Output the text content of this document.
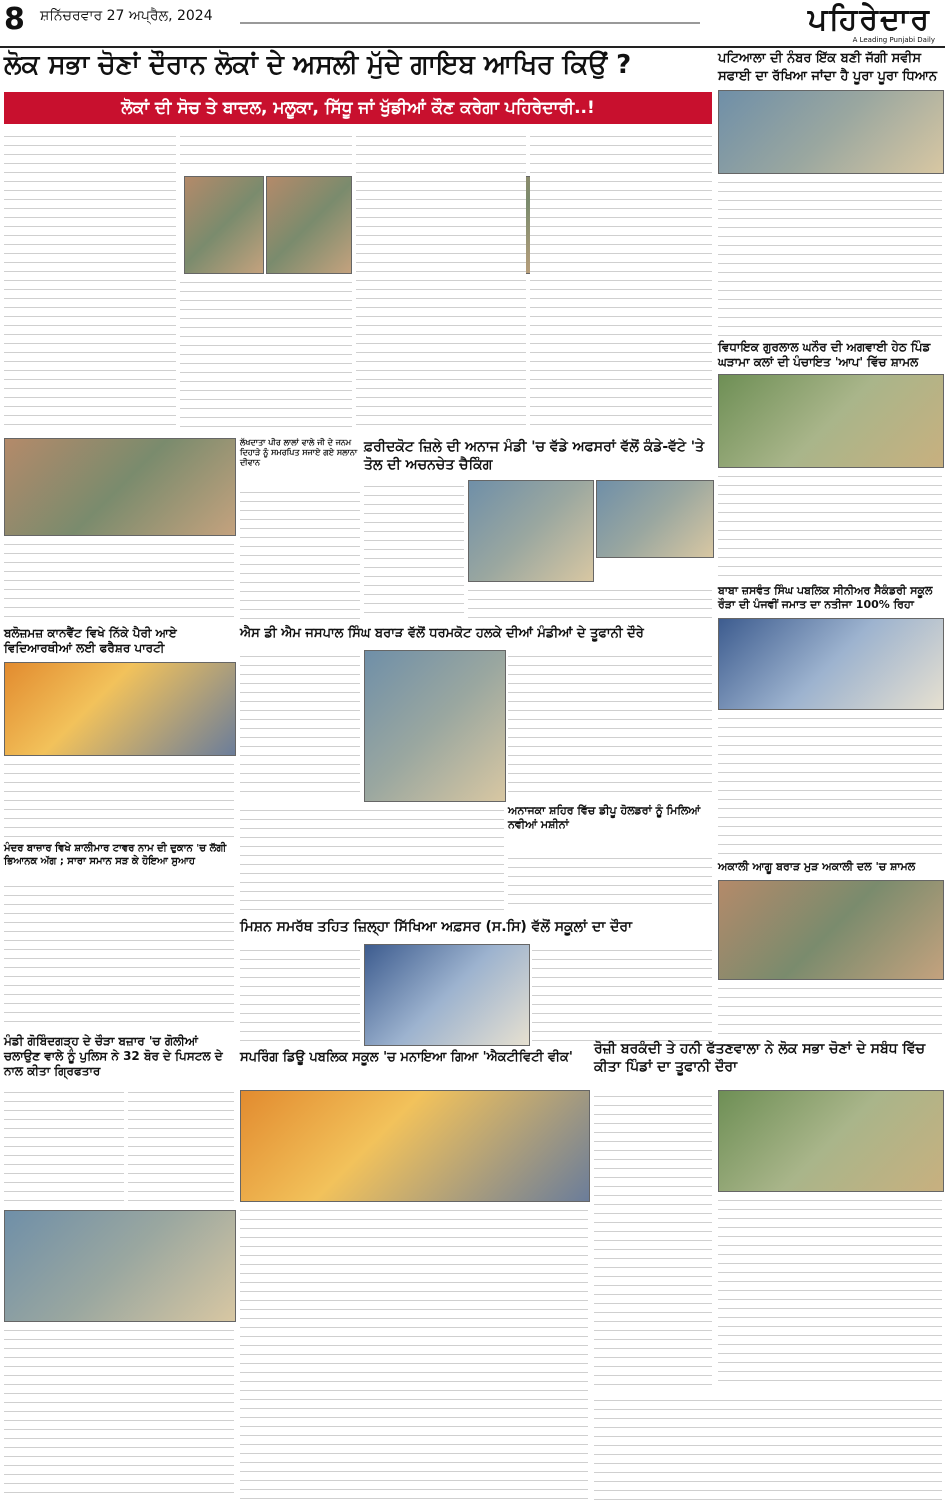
8 ਸ਼ਨਿੱਚਰਵਾਰ 27 ਅਪ੍ਰੈਲ, 2024	ਪਹਿਰੇਦਾਰ
A Leading Punjabi Daily
ਲੋਕ ਸਭਾ ਚੋਣਾਂ ਦੌਰਾਨ ਲੋਕਾਂ ਦੇ ਅਸਲੀ ਮੁੱਦੇ ਗਾਇਬ ਆਖਿਰ ਕਿਉਂ ?
ਲੋਕਾਂ ਦੀ ਸੋਚ ਤੇ ਬਾਦਲ, ਮਲੂਕਾ, ਸਿੱਧੂ ਜਾਂ ਖੁੱਡੀਆਂ ਕੌਣ ਕਰੇਗਾ ਪਹਿਰੇਦਾਰੀ..!
ਪਟਿਆਲਾ ਦੀ ਨੰਬਰ ਇੱਕ ਬਣੀ ਜੱਗੀ ਸਵੀਸ ਸਫਾਈ ਦਾ ਰੱਖਿਆ ਜਾਂਦਾ ਹੈ ਪੂਰਾ ਪੂਰਾ ਧਿਆਨ
ਵਿਧਾਇਕ ਗੁਰਲਾਲ ਘਨੌਰ ਦੀ ਅਗਵਾਈ ਹੇਠ ਪਿੰਡ ਘੜਾਮਾ ਕਲਾਂ ਦੀ ਪੰਚਾਇਤ 'ਆਪ' ਵਿੱਚ ਸ਼ਾਮਲ
ਬਾਬਾ ਜ਼ਸਵੰਤ ਸਿੰਘ ਪਬਲਿਕ ਸੀਨੀਅਰ ਸੈਕੰਡਰੀ ਸਕੂਲ ਰੌੜਾ ਦੀ ਪੰਜਵੀਂ ਜਮਾਤ ਦਾ ਨਤੀਜਾ 100% ਰਿਹਾ
ਅਕਾਲੀ ਆਗੂ ਬਰਾੜ ਮੁੜ ਅਕਾਲੀ ਦਲ 'ਚ ਸ਼ਾਮਲ
ਲੱਖਦਾਤਾ ਪੀਰ ਲਾਲਾਂ ਵਾਲੇ ਜੀ ਦੇ ਜਨਮ ਦਿਹਾੜੇ ਨੂੰ ਸਮਰਪਿਤ ਸਜਾਏ ਗਏ ਸਲਾਨਾ ਦੀਵਾਨ
ਫ਼ਰੀਦਕੋਟ ਜ਼ਿਲੇ ਦੀ ਅਨਾਜ ਮੰਡੀ 'ਚ ਵੱਡੇ ਅਫਸਰਾਂ ਵੱਲੋਂ ਕੰਡੇ-ਵੱਟੇ 'ਤੇ ਤੋਲ ਦੀ ਅਚਨਚੇਤ ਚੈਕਿੰਗ
ਬਲੋਜ਼ਮਜ਼ ਕਾਨਵੈਂਟ ਵਿਖੇ ਨਿੱਕੇ ਪੈਰੀ ਆਏ ਵਿਦਿਆਰਥੀਆਂ ਲਈ ਫਰੈਸ਼ਰ ਪਾਰਟੀ
ਐਸ ਡੀ ਐਮ ਜਸਪਾਲ ਸਿੰਘ ਬਰਾੜ ਵੱਲੋਂ ਧਰਮਕੋਟ ਹਲਕੇ ਦੀਆਂ ਮੰਡੀਆਂ ਦੇ ਤੂਫਾਨੀ ਦੌਰੇ
ਅਨਾਜਕਾ ਸ਼ਹਿਰ ਵਿੱਚ ਡੀਪੂ ਹੋਲਡਰਾਂ ਨੂੰ ਮਿਲਿਆਂ ਨਵੀਆਂ ਮਸ਼ੀਨਾਂ
ਮੰਦਰ ਬਾਜ਼ਾਰ ਵਿਖੇ ਸ਼ਾਲੀਮਾਰ ਟਾਵਰ ਨਾਮ ਦੀ ਦੁਕਾਨ 'ਚ ਲੱਗੀ ਭਿਆਨਕ ਅੱਗ ; ਸਾਰਾ ਸਮਾਨ ਸੜ ਕੇ ਹੋਇਆ ਸੁਆਹ
ਮਿਸ਼ਨ ਸਮਰੱਥ ਤਹਿਤ ਜ਼ਿਲ੍ਹਾ ਸਿੱਖਿਆ ਅਫ਼ਸਰ (ਸ.ਸਿ) ਵੱਲੋਂ ਸਕੂਲਾਂ ਦਾ ਦੌਰਾ
ਮੰਡੀ ਗੋਬਿੰਦਗੜ੍ਹ ਦੇ ਚੌੜਾ ਬਜ਼ਾਰ 'ਚ ਗੋਲੀਆਂ ਚਲਾਉਣ ਵਾਲੇ ਨੂੰ ਪੁਲਿਸ ਨੇ 32 ਬੋਰ ਦੇ ਪਿਸਟਲ ਦੇ ਨਾਲ ਕੀਤਾ ਗ੍ਰਿਫਤਾਰ
ਸਪਰਿੰਗ ਡਿਊ ਪਬਲਿਕ ਸਕੂਲ 'ਚ ਮਨਾਇਆ ਗਿਆ 'ਐਕਟੀਵਿਟੀ ਵੀਕ'
ਰੋਜ਼ੀ ਬਰਕੰਦੀ ਤੇ ਹਨੀ ਫੱਤਣਵਾਲਾ ਨੇ ਲੋਕ ਸਭਾ ਚੋਣਾਂ ਦੇ ਸਬੰਧ ਵਿੱਚ ਕੀਤਾ ਪਿੰਡਾਂ ਦਾ ਤੂਫਾਨੀ ਦੌਰਾ
